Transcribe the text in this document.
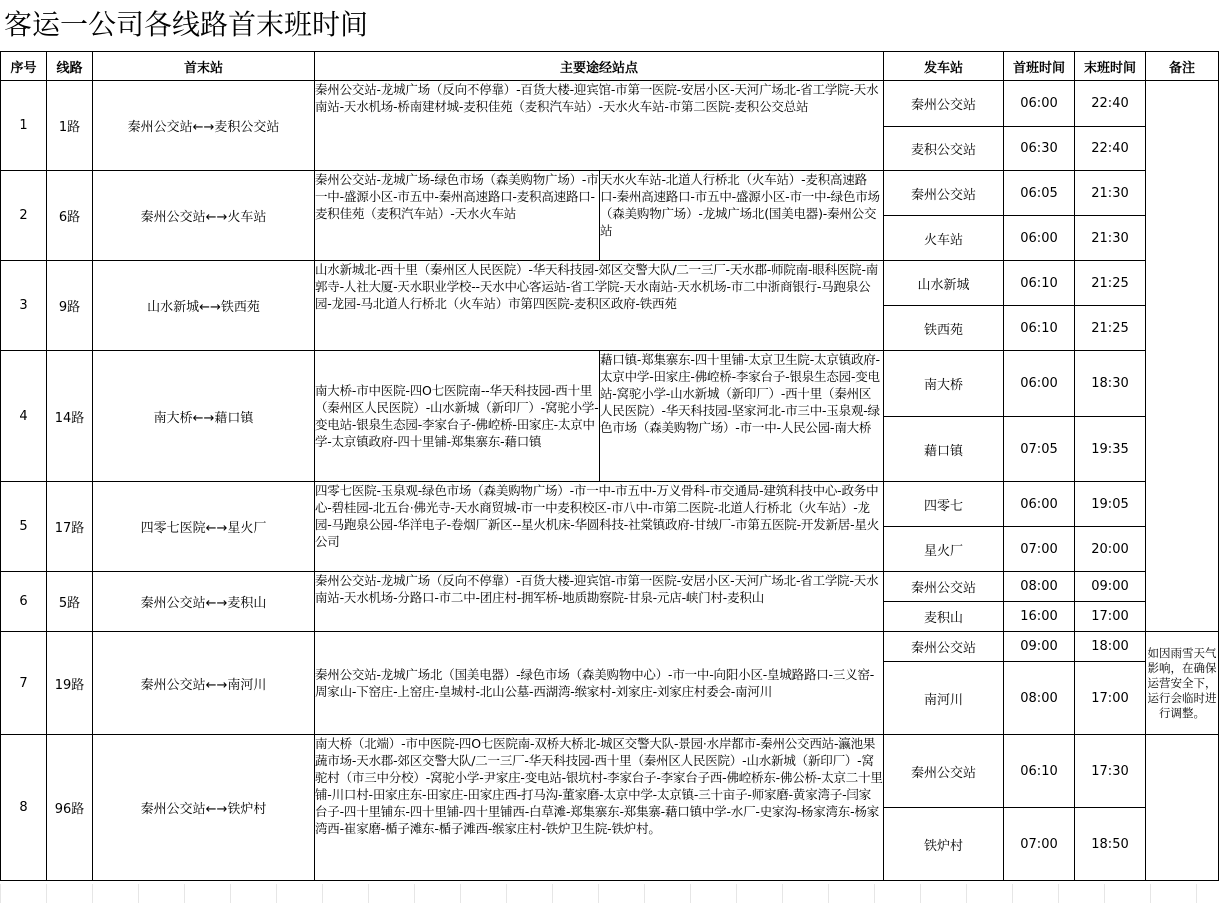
客运一公司各线路首末班时间
序号	线路	首末站	主要途经站点		发车站	首班时间	末班时间	备注
1	1路	秦州公交站←→麦积公交站	秦州公交站-龙城广场（反向不停靠）-百货大楼-迎宾馆-市第一医院-安居小区-天河广场北-省工学院-天水南站-天水机场-桥南建材城-麦积佳苑（麦积汽车站）-天水火车站-市第二医院-麦积公交总站		秦州公交站	06:00	22:40	
					麦积公交站	06:30	22:40	
2	6路	秦州公交站←→火车站	秦州公交站-龙城广场-绿色市场（森美购物广场）-市一中-盛源小区-市五中-秦州高速路口-麦积高速路口-麦积佳苑（麦积汽车站）-天水火车站	天水火车站-北道人行桥北（火车站）-麦积高速路口-秦州高速路口-市五中-盛源小区-市一中-绿色市场（森美购物广场）-龙城广场北(国美电器)-秦州公交站	秦州公交站	06:05	21:30	
					火车站	06:00	21:30	
3	9路	山水新城←→铁西苑	山水新城北-西十里（秦州区人民医院）-华天科技园-郊区交警大队/二一三厂-天水郡-师院南-眼科医院-南郭寺-人社大厦-天水职业学校--天水中心客运站-省工学院-天水南站-天水机场-市二中浙商银行-马跑泉公园-龙园-马北道人行桥北（火车站）市第四医院-麦积区政府-铁西苑		山水新城	06:10	21:25	
					铁西苑	06:10	21:25	
4	14路	南大桥←→藉口镇	南大桥-市中医院-四O七医院南--华天科技园-西十里（秦州区人民医院）-山水新城（新印厂）-窝驼小学-变电站-银泉生态园-李家台子-佛崆桥-田家庄-太京中学-太京镇政府-四十里铺-郑集寨东-藉口镇	藉口镇-郑集寨东-四十里铺-太京卫生院-太京镇政府-太京中学-田家庄-佛崆桥-李家台子-银泉生态园-变电站-窝驼小学-山水新城（新印厂）-西十里（秦州区人民医院）-华天科技园-坚家河北-市三中-玉泉观-绿色市场（森美购物广场）-市一中-人民公园-南大桥	南大桥	06:00	18:30	
					藉口镇	07:05	19:35	
5	17路	四零七医院←→星火厂	四零七医院-玉泉观-绿色市场（森美购物广场）-市一中-市五中-万义骨科-市交通局-建筑科技中心-政务中心-碧桂园-北五台·佛光寺-天水商贸城-市一中麦积校区-市八中-市第二医院-北道人行桥北（火车站）-龙园-马跑泉公园-华洋电子-卷烟厂新区--星火机床-华圆科技-社棠镇政府-甘绒厂-市第五医院-开发新居-星火公司		四零七	06:00	19:05	
					星火厂	07:00	20:00	
6	5路	秦州公交站←→麦积山	秦州公交站-龙城广场（反向不停靠）-百货大楼-迎宾馆-市第一医院-安居小区-天河广场北-省工学院-天水南站-天水机场-分路口-市二中-团庄村-拥军桥-地质勘察院-甘泉-元店-峡门村-麦积山		秦州公交站	08:00	09:00	
					麦积山	16:00	17:00	
7	19路	秦州公交站←→南河川	秦州公交站-龙城广场北（国美电器）-绿色市场（森美购物中心）-市一中-向阳小区-皇城路路口-三义窑-周家山-下窑庄-上窑庄-皇城村-北山公墓-西湖湾-缑家村-刘家庄-刘家庄村委会-南河川		秦州公交站	09:00	18:00	如因雨雪天气影响，在确保运营安全下，运行会临时进行调整。
					南河川	08:00	17:00	
8	96路	秦州公交站←→铁炉村	南大桥（北端）-市中医院-四O七医院南-双桥大桥北-城区交警大队-景园·水岸都市-秦州公交西站-瀛池果蔬市场-天水郡-郊区交警大队/二一三厂-华天科技园-西十里（秦州区人民医院）-山水新城（新印厂）-窝驼村（市三中分校）-窝驼小学-尹家庄-变电站-银坑村-李家台子-李家台子西-佛崆桥东-佛公桥-太京二十里铺-川口村-田家庄东-田家庄-田家庄西-打马沟-董家磨-太京中学-太京镇-三十亩子-师家磨-黄家湾子-闫家台子-四十里铺东-四十里铺-四十里铺西-白草滩-郑集寨东-郑集寨-藉口镇中学-水厂-史家沟-杨家湾东-杨家湾西-崔家磨-楯子滩东-楯子滩西-缑家庄村-铁炉卫生院-铁炉村。		秦州公交站	06:10	17:30	
					铁炉村	07:00	18:50	
